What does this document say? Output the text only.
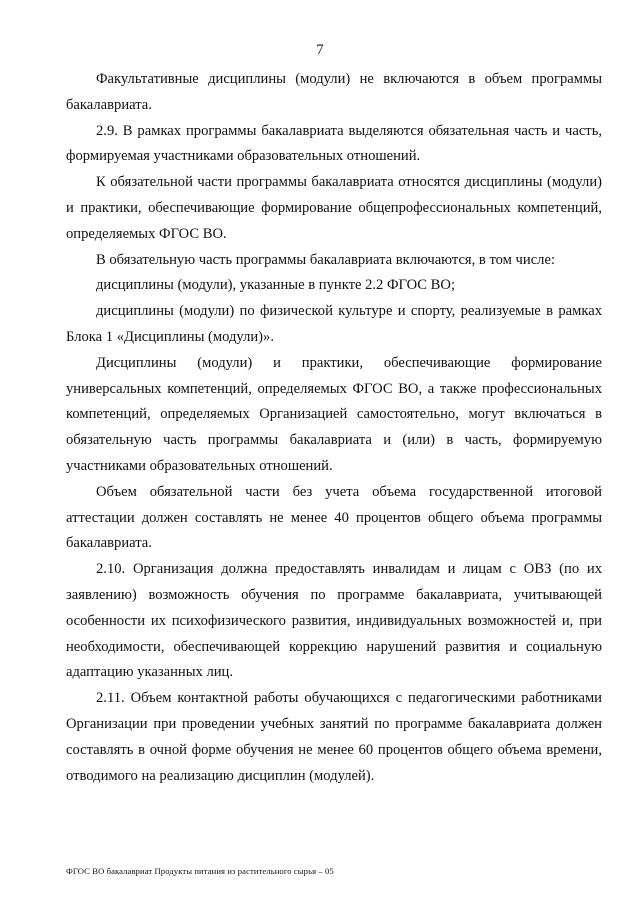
7

Факультативные дисциплины (модули) не включаются в объем программы бакалавриата.

2.9. В рамках программы бакалавриата выделяются обязательная часть и часть, формируемая участниками образовательных отношений.

К обязательной части программы бакалавриата относятся дисциплины (модули) и практики, обеспечивающие формирование общепрофессиональных компетенций, определяемых ФГОС ВО.

В обязательную часть программы бакалавриата включаются, в том числе:

дисциплины (модули), указанные в пункте 2.2 ФГОС ВО;

дисциплины (модули) по физической культуре и спорту, реализуемые в рамках Блока 1 «Дисциплины (модули)».

Дисциплины (модули) и практики, обеспечивающие формирование универсальных компетенций, определяемых ФГОС ВО, а также профессиональных компетенций, определяемых Организацией самостоятельно, могут включаться в обязательную часть программы бакалавриата и (или) в часть, формируемую участниками образовательных отношений.

Объем обязательной части без учета объема государственной итоговой аттестации должен составлять не менее 40 процентов общего объема программы бакалавриата.

2.10. Организация должна предоставлять инвалидам и лицам с ОВЗ (по их заявлению) возможность обучения по программе бакалавриата, учитывающей особенности их психофизического развития, индивидуальных возможностей и, при необходимости, обеспечивающей коррекцию нарушений развития и социальную адаптацию указанных лиц.

2.11. Объем контактной работы обучающихся с педагогическими работниками Организации при проведении учебных занятий по программе бакалавриата должен составлять в очной форме обучения не менее 60 процентов общего объема времени, отводимого на реализацию дисциплин (модулей).

ФГОС ВО бакалавриат Продукты питания из растительного сырья – 05
